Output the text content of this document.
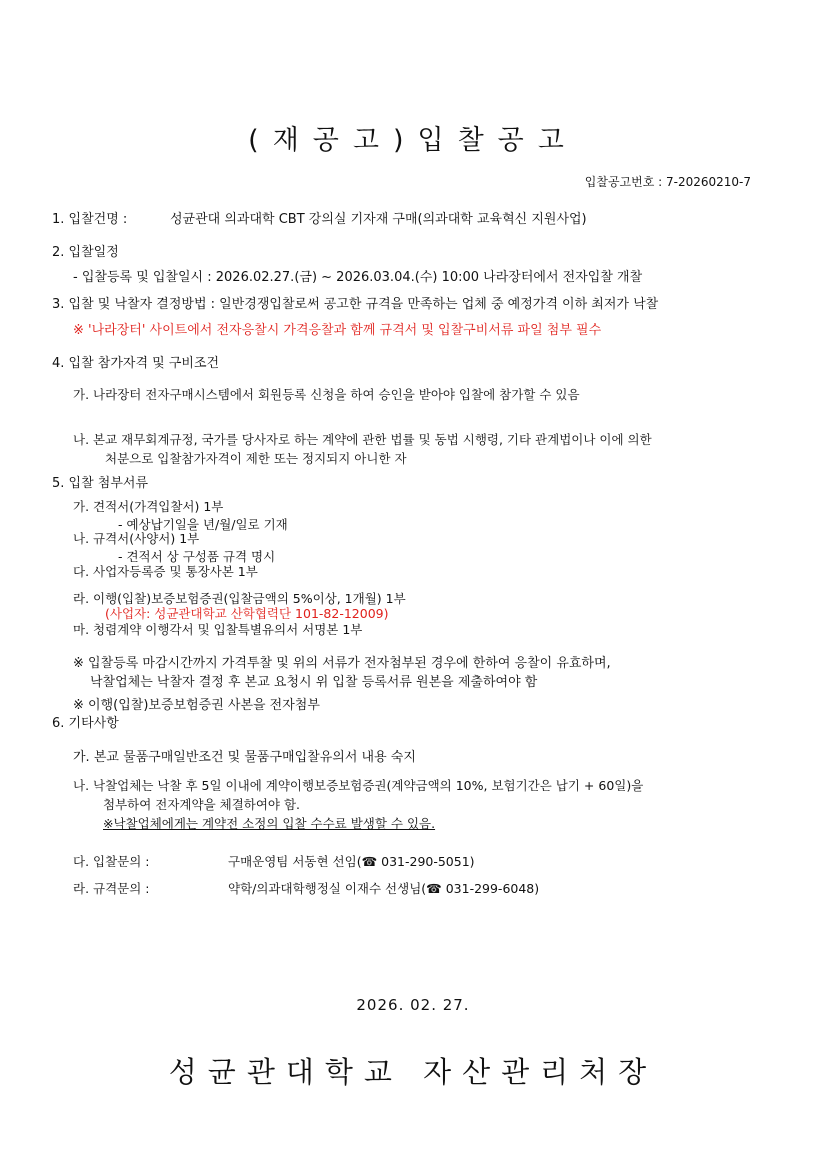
(재공고)입찰공고
입찰공고번호 : 7-20260210-7
1. 입찰건명 :	성균관대 의과대학 CBT 강의실 기자재 구매(의과대학 교육혁신 지원사업)
2. 입찰일정
- 입찰등록 및 입찰일시 : 2026.02.27.(금) ~ 2026.03.04.(수) 10:00 나라장터에서 전자입찰 개찰
3. 입찰 및 낙찰자 결정방법 : 일반경쟁입찰로써 공고한 규격을 만족하는 업체 중 예정가격 이하 최저가 낙찰
※ '나라장터' 사이트에서 전자응찰시 가격응찰과 함께 규격서 및 입찰구비서류 파일 첨부 필수
4. 입찰 참가자격 및 구비조건
가. 나라장터 전자구매시스템에서 회원등록 신청을 하여 승인을 받아야 입찰에 참가할 수 있음
나. 본교 재무회계규정, 국가를 당사자로 하는 계약에 관한 법률 및 동법 시행령, 기타 관계법이나 이에 의한
처분으로 입찰참가자격이 제한 또는 정지되지 아니한 자
5. 입찰 첨부서류
가. 견적서(가격입찰서) 1부
- 예상납기일을 년/월/일로 기재
나. 규격서(사양서) 1부
- 견적서 상 구성품 규격 명시
다. 사업자등록증 및 통장사본 1부
라. 이행(입찰)보증보험증권(입찰금액의 5%이상, 1개월) 1부
(사업자: 성균관대학교 산학협력단 101-82-12009)
마. 청렴계약 이행각서 및 입찰특별유의서 서명본 1부
※ 입찰등록 마감시간까지 가격투찰 및 위의 서류가 전자첨부된 경우에 한하여 응찰이 유효하며,
낙찰업체는 낙찰자 결정 후 본교 요청시 위 입찰 등록서류 원본을 제출하여야 함
※ 이행(입찰)보증보험증권 사본을 전자첨부
6. 기타사항
가. 본교 물품구매일반조건 및 물품구매입찰유의서 내용 숙지
나. 낙찰업체는 낙찰 후 5일 이내에 계약이행보증보험증권(계약금액의 10%, 보험기간은 납기 + 60일)을
첨부하여 전자계약을 체결하여야 함.
※낙찰업체에게는 계약전 소정의 입찰 수수료 발생할 수 있음.
다. 입찰문의 :	구매운영팀 서동현 선임(☎ 031-290-5051)
라. 규격문의 :	약학/의과대학행정실 이재수 선생님(☎ 031-299-6048)
2026. 02. 27.
성균관대학교 자산관리처장
